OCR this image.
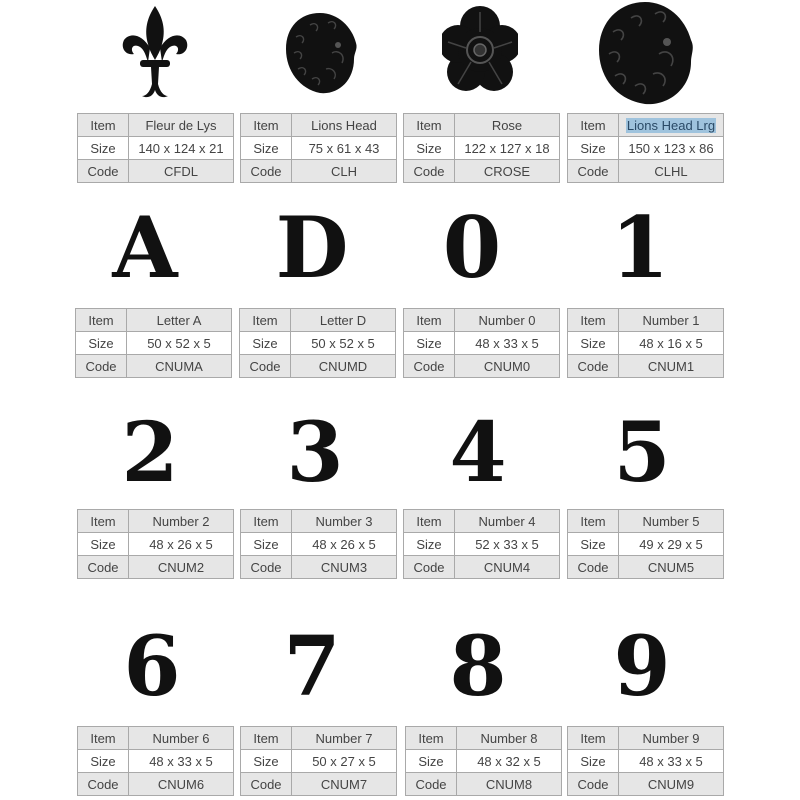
Item	Fleur de Lys
Size	140 x 124 x 21
Code	CFDL
Item	Lions Head
Size	75 x 61 x 43
Code	CLH
Item	Rose
Size	122 x 127 x 18
Code	CROSE
Item	Lions Head Lrg
Size	150 x 123 x 86
Code	CLHL
A D 0 1
Item	Letter A
Size	50 x 52 x 5
Code	CNUMA
Item	Letter D
Size	50 x 52 x 5
Code	CNUMD
Item	Number 0
Size	48 x 33 x 5
Code	CNUM0
Item	Number 1
Size	48 x 16 x 5
Code	CNUM1
2 3 4 5
Item	Number 2
Size	48 x 26 x 5
Code	CNUM2
Item	Number 3
Size	48 x 26 x 5
Code	CNUM3
Item	Number 4
Size	52 x 33 x 5
Code	CNUM4
Item	Number 5
Size	49 x 29 x 5
Code	CNUM5
6 7 8 9
Item	Number 6
Size	48 x 33 x 5
Code	CNUM6
Item	Number 7
Size	50 x 27 x 5
Code	CNUM7
Item	Number 8
Size	48 x 32 x 5
Code	CNUM8
Item	Number 9
Size	48 x 33 x 5
Code	CNUM9
